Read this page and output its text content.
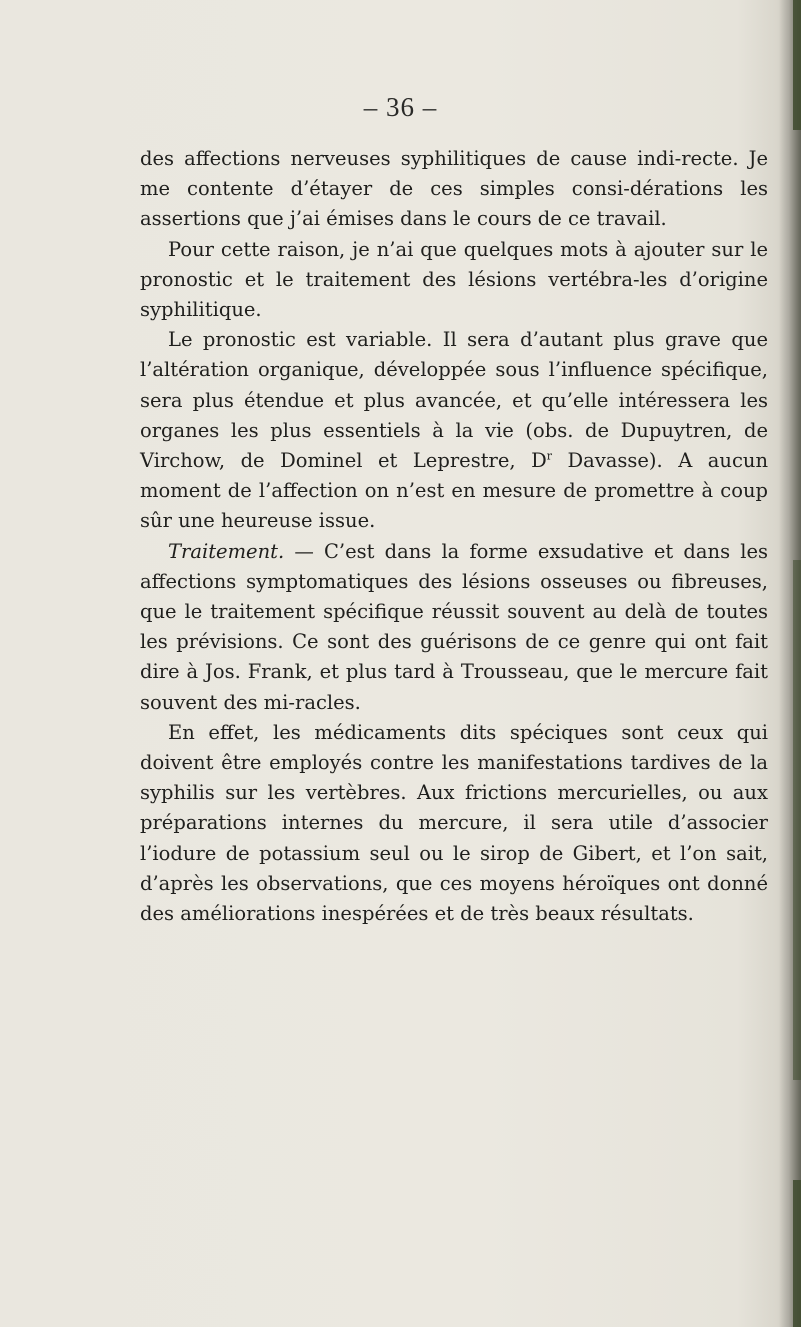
– 36 –

des affections nerveuses syphilitiques de cause indi-recte. Je me contente d’étayer de ces simples consi-dérations les assertions que j’ai émises dans le cours de ce travail.

Pour cette raison, je n’ai que quelques mots à ajouter sur le pronostic et le traitement des lésions vertébra-les d’origine syphilitique.

Le pronostic est variable. Il sera d’autant plus grave que l’altération organique, développée sous l’influence spécifique, sera plus étendue et plus avancée, et qu’elle intéressera les organes les plus essentiels à la vie (obs. de Dupuytren, de Virchow, de Dominel et Leprestre, $D^r$ Davasse). A aucun moment de l’affection on n’est en mesure de promettre à coup sûr une heureuse issue.

Traitement. — C’est dans la forme exsudative et dans les affections symptomatiques des lésions osseuses ou fibreuses, que le traitement spécifique réussit souvent au delà de toutes les prévisions. Ce sont des guérisons de ce genre qui ont fait dire à Jos. Frank, et plus tard à Trousseau, que le mercure fait souvent des mi-racles.

En effet, les médicaments dits spéciques sont ceux qui doivent être employés contre les manifestations tardives de la syphilis sur les vertèbres. Aux frictions mercurielles, ou aux préparations internes du mercure, il sera utile d’associer l’iodure de potassium seul ou le sirop de Gibert, et l’on sait, d’après les observations, que ces moyens héroïques ont donné des améliorations inespérées et de très beaux résultats.
